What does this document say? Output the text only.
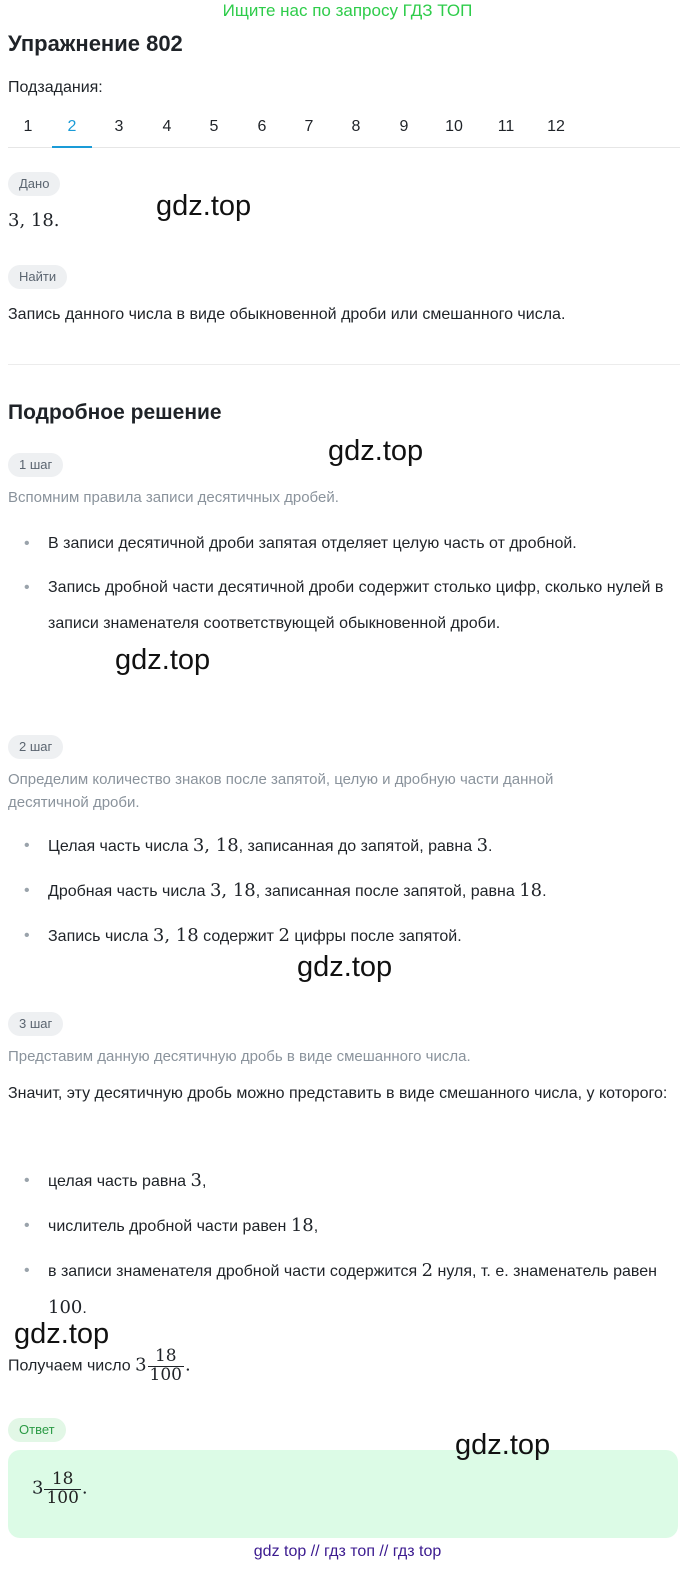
Ищите нас по запросу ГДЗ ТОП
Упражнение 802
Подзадания:
1	2	3	4	5	6	7	8	9	10	11	12
Дано
3, 18.
Найти
Запись данного числа в виде обыкновенной дроби или смешанного числа.
Подробное решение
1 шаг
Вспомним правила записи десятичных дробей.
• В записи десятичной дроби запятая отделяет целую часть от дробной.
• Запись дробной части десятичной дроби содержит столько цифр, сколько нулей в записи знаменателя соответствующей обыкновенной дроби.
2 шаг
Определим количество знаков после запятой, целую и дробную части данной десятичной дроби.
• Целая часть числа 3, 18, записанная до запятой, равна 3.
• Дробная часть числа 3, 18, записанная после запятой, равна 18.
• Запись числа 3, 18 содержит 2 цифры после запятой.
3 шаг
Представим данную десятичную дробь в виде смешанного числа.
Значит, эту десятичную дробь можно представить в виде смешанного числа, у которого:
• целая часть равна 3,
• числитель дробной части равен 18,
• в записи знаменателя дробной части содержится 2 нуля, т. е. знаменатель равен 100.
Получаем число $3 \frac{18}{100}$ .
Ответ
$3 \frac{18}{100}$ .
gdz.top
gdz.top
gdz.top
gdz.top
gdz.top
gdz.top
gdz top // гдз топ // гдз top
